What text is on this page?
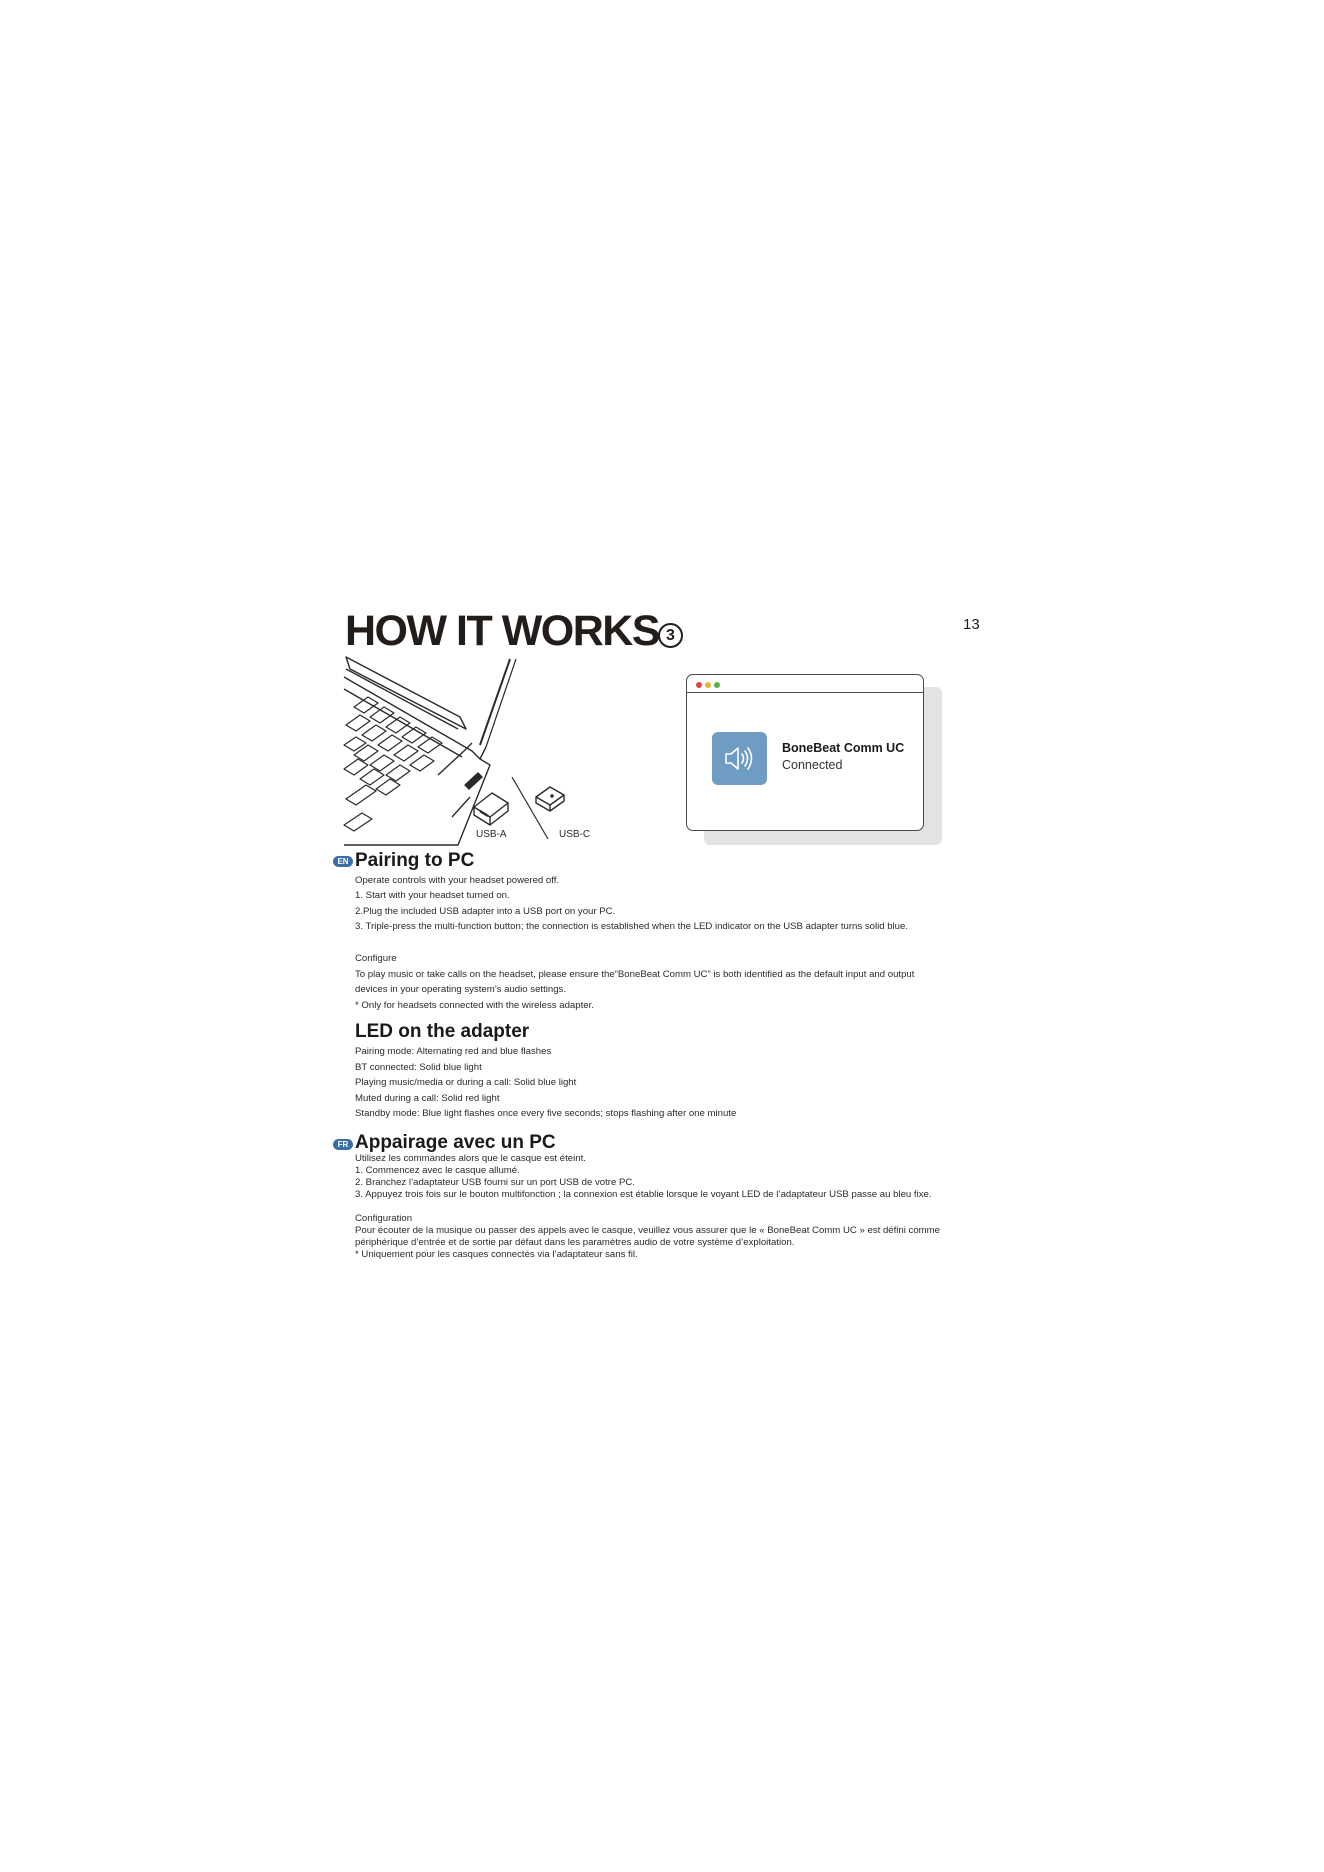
HOW IT WORKS 3
13
USB-A	USB-C
BoneBeat Comm UC
Connected
EN Pairing to PC
Operate controls with your headset powered off.
1. Start with your headset turned on.
2.Plug the included USB adapter into a USB port on your PC.
3. Triple-press the multi-function button; the connection is established when the LED indicator on the USB adapter turns solid blue.
Configure
To play music or take calls on the headset, please ensure the“BoneBeat Comm UC” is both identified as the default input and output
devices in your operating system’s audio settings.
* Only for headsets connected with the wireless adapter.
LED on the adapter
Pairing mode: Alternating red and blue flashes
BT connected: Solid blue light
Playing music/media or during a call: Solid blue light
Muted during a call: Solid red light
Standby mode: Blue light flashes once every five seconds; stops flashing after one minute
FR Appairage avec un PC
Utilisez les commandes alors que le casque est éteint.
1. Commencez avec le casque allumé.
2. Branchez l’adaptateur USB fourni sur un port USB de votre PC.
3. Appuyez trois fois sur le bouton multifonction ; la connexion est établie lorsque le voyant LED de l’adaptateur USB passe au bleu fixe.
Configuration
Pour écouter de la musique ou passer des appels avec le casque, veuillez vous assurer que le « BoneBeat Comm UC » est défini comme
périphérique d’entrée et de sortie par défaut dans les paramètres audio de votre système d’exploitation.
* Uniquement pour les casques connectés via l’adaptateur sans fil.
